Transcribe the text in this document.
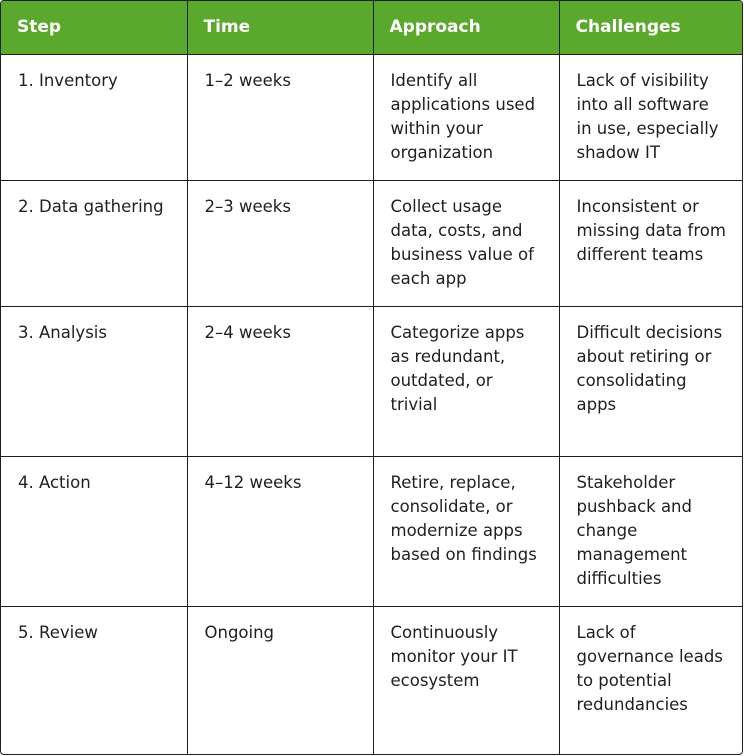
Step	Time	Approach	Challenges
1. Inventory	1–2 weeks	Identify all applications used within your organization	Lack of visibility into all software in use, especially shadow IT
2. Data gathering	2–3 weeks	Collect usage data, costs, and business value of each app	Inconsistent or missing data from different teams
3. Analysis	2–4 weeks	Categorize apps as redundant, outdated, or trivial	Difficult decisions about retiring or consolidating apps
4. Action	4–12 weeks	Retire, replace, consolidate, or modernize apps based on findings	Stakeholder pushback and change management difficulties
5. Review	Ongoing	Continuously monitor your IT ecosystem	Lack of governance leads to potential redundancies
